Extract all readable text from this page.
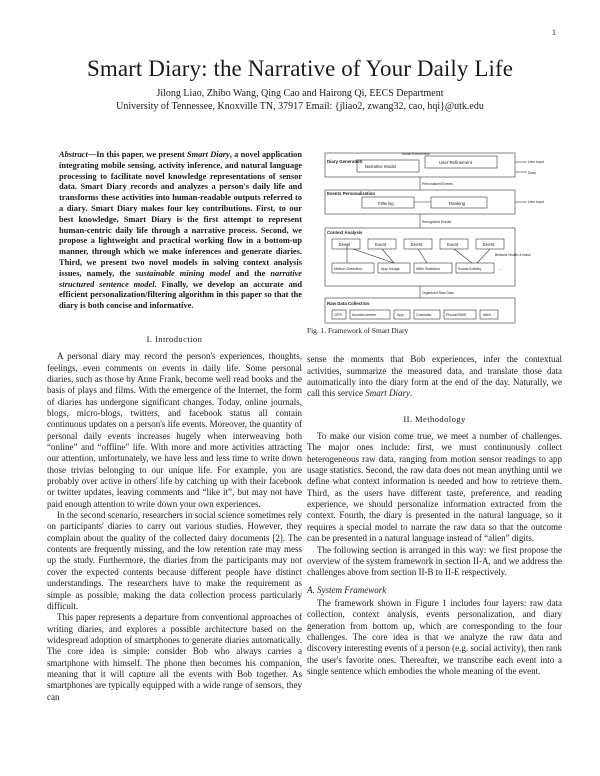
1
Smart Diary: the Narrative of Your Daily Life
Jilong Liao, Zhibo Wang, Qing Cao and Hairong Qi, EECS Department
University of Tennessee, Knoxville TN, 37917 Email: {jliao2, zwang32, cao, hqi}@utk.edu

Abstract—In this paper, we present Smart Diary, a novel application integrating mobile sensing, activity inference, and natural language processing to facilitate novel knowledge representations of sensor data. Smart Diary records and analyzes a person's daily life and transforms these activities into human-readable outputs referred to a diary. Smart Diary makes four key contributions. First, to our best knowledge, Smart Diary is the first attempt to represent human-centric daily life through a narrative process. Second, we propose a lightweight and practical working flow in a bottom-up manner, through which we make inferences and generate diaries. Third, we present two novel models in solving context analysis issues, namely, the sustainable mining model and the narrative structured sentence model. Finally, we develop an accurate and efficient personalization/filtering algorithm in this paper so that the diary is both concise and informative.

I. Introduction

A personal diary may record the person's experiences, thoughts, feelings, even comments on events in daily life. Some personal diaries, such as those by Anne Frank, become well read books and the basis of plays and films. With the emergence of the Internet, the form of diaries has undergone significant changes. Today, online journals, blogs, micro-blogs, twitters, and facebook status all contain continuous updates on a person's life events. Moreover, the quantity of personal daily events increases hugely when interweaving both “online” and “offline” life. With more and more activities attracting our attention, unfortunately, we have less and less time to write down those trivias belonging to our unique life. For example, you are probably over active in others' life by catching up with their facebook or twitter updates, leaving comments and “like it”, but may not have paid enough attention to write down your own experiences.

In the second scenario, researchers in social science sometimes rely on participants' diaries to carry out various studies. However, they complain about the quality of the collected dairy documents [2]. The contents are frequently missing, and the low retention rate may mess up the study. Furthermore, the diaries from the participants may not cover the expected contents because different people have distinct understandings. The researchers have to make the requirement as simple as possible, making the data collection process particularly difficult.

This paper represents a departure from conventional approaches of writing diaries, and explores a possible architecture based on the widespread adoption of smartphones to generate diaries automatically. The core idea is simple: consider Bob who always carries a smartphone with himself. The phone then becomes his companion, meaning that it will capture all the events with Bob together. As smartphones are typically equipped with a wide range of sensors, they can

Diary Generation
Narrative Model
User Refinement
Model Refinement
User Input
Diary
Personalized Events
Events Personalization
Filtering	Ranking	User Input
Recognized Events
Context Analysis
Event	Event	Event	Event	Event
Behavior Modific & Noise
Motion Detection	App Usage	Web Statistics	Social Activity	...
Organized Raw Data
Raw Data Collection
GPS	Accelerometer	App	Calendar	Phone/SMS	Web
Fig. 1. Framework of Smart Diary

sense the moments that Bob experiences, infer the contextual activities, summarize the measured data, and translate those data automatically into the diary form at the end of the day. Naturally, we call this service Smart Diary.

II. Methodology

To make our vision come true, we meet a number of challenges. The major ones include: first, we must continuously collect heterogeneous raw data, ranging from motion sensor readings to app usage statistics. Second, the raw data does not mean anything until we define what context information is needed and how to retrieve them. Third, as the users have different taste, preference, and reading experience, we should personalize information extracted from the context. Fourth, the diary is presented in the natural language, so it requires a special model to narrate the raw data so that the outcome can be presented in a natural language instead of “alien” digits.

The following section is arranged in this way: we first propose the overview of the system framework in section II-A, and we address the challenges above from section II-B to II-E respectively.

A. System Framework

The framework shown in Figure 1 includes four layers: raw data collection, context analysis, events personalization, and diary generation from bottom up, which are corresponding to the four challenges. The core idea is that we analyze the raw data and discovery interesting events of a person (e.g. social activity), then rank the user's favorite ones. Thereafter, we transcribe each event into a single sentence which embodies the whole meaning of the event.
